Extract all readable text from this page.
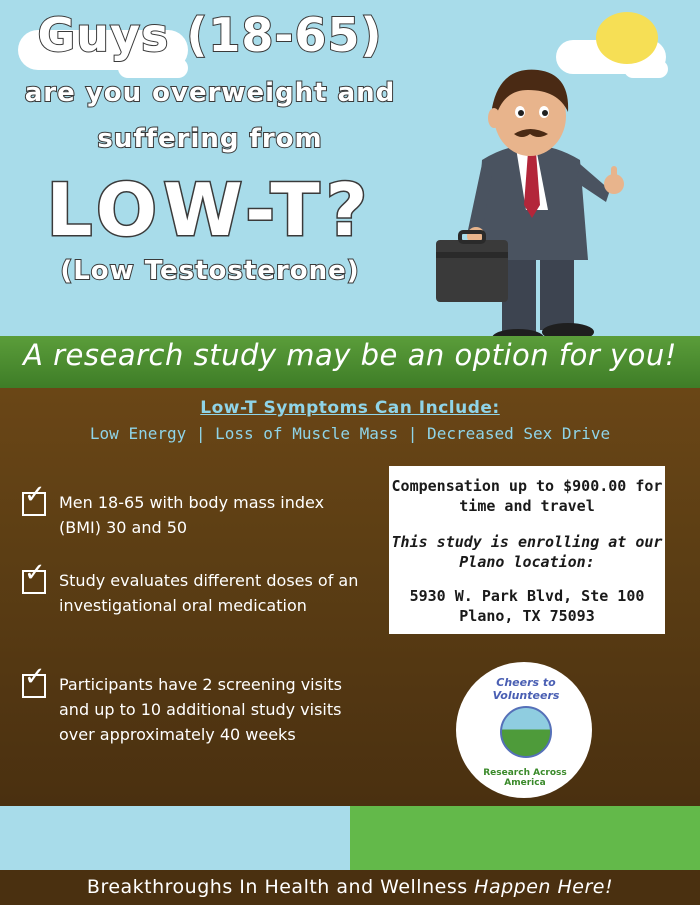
Guys (18-65)
are you overweight and
suffering from
LOW-T?
(Low Testosterone)
A research study may be an option for you!
Low-T Symptoms Can Include:
Low Energy | Loss of Muscle Mass | Decreased Sex Drive
✓ Men 18-65 with body mass index (BMI) 30 and 50
✓ Study evaluates different doses of an investigational oral medication
✓ Participants have 2 screening visits and up to 10 additional study visits over approximately 40 weeks
Compensation up to $900.00 for time and travel
This study is enrolling at our Plano location:
5930 W. Park Blvd, Ste 100
Plano, TX 75093
Cheers to Volunteers
Research Across America
Breakthroughs In Health and Wellness Happen Here!
